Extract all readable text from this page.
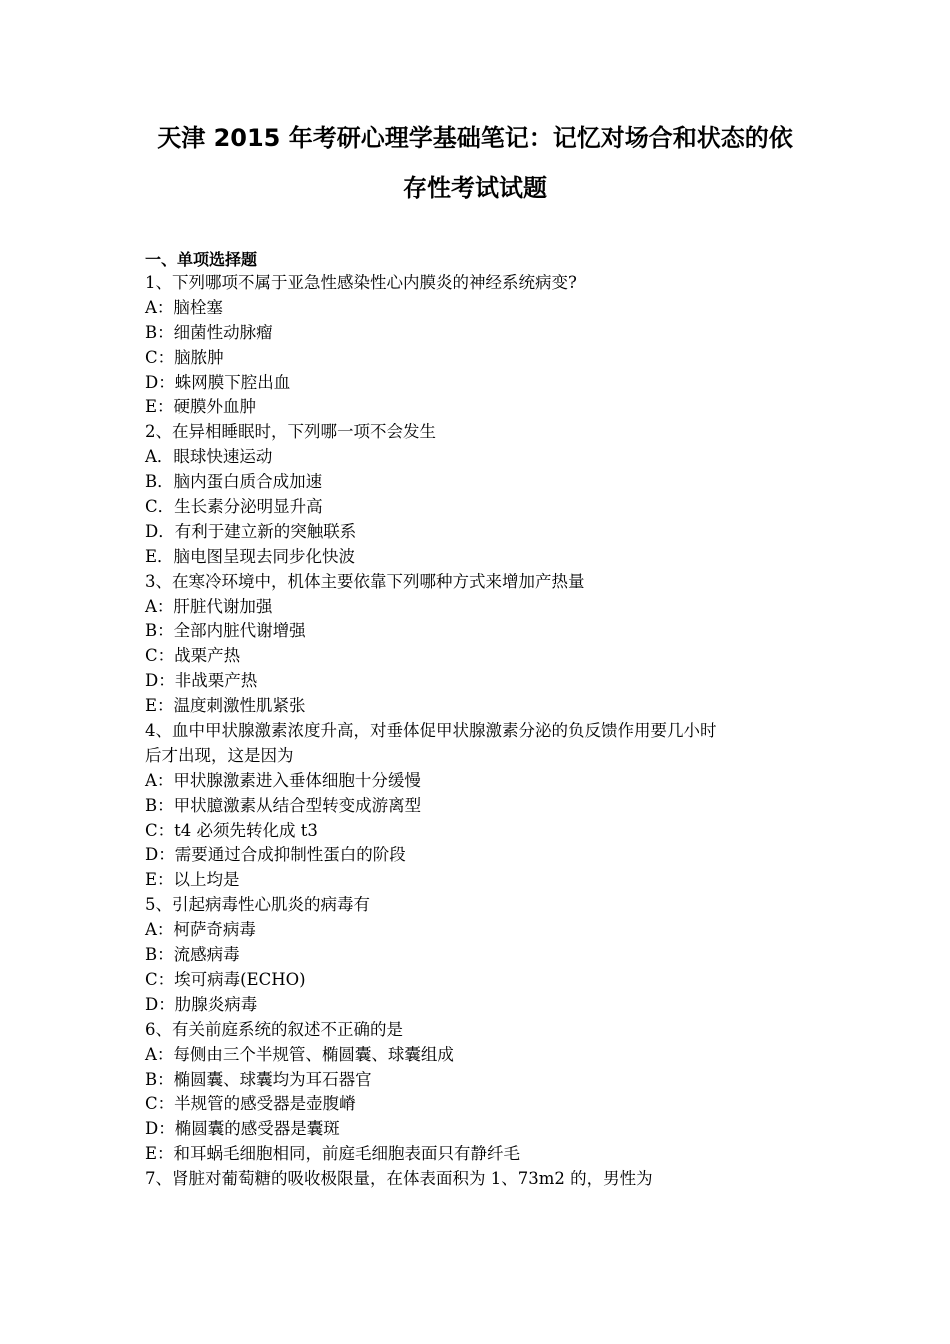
天津 2015 年考研心理学基础笔记：记忆对场合和状态的依
存性考试试题
一、单项选择题

1、下列哪项不属于亚急性感染性心内膜炎的神经系统病变?

A：脑栓塞

B：细菌性动脉瘤

C：脑脓肿

D：蛛网膜下腔出血

E：硬膜外血肿

2、在异相睡眠时，下列哪一项不会发生

A．眼球快速运动

B．脑内蛋白质合成加速

C．生长素分泌明显升高

D．有利于建立新的突触联系

E．脑电图呈现去同步化快波

3、在寒冷环境中，机体主要依靠下列哪种方式来增加产热量

A：肝脏代谢加强

B：全部内脏代谢增强

C：战栗产热

D：非战栗产热

E：温度刺激性肌紧张

4、血中甲状腺激素浓度升高，对垂体促甲状腺激素分泌的负反馈作用要几小时

后才出现，这是因为

A：甲状腺激素进入垂体细胞十分缓慢

B：甲状臆激素从结合型转变成游离型

C：t4 必须先转化成 t3

D：需要通过合成抑制性蛋白的阶段

E：以上均是

5、引起病毒性心肌炎的病毒有

A：柯萨奇病毒

B：流感病毒

C：埃可病毒(ECHO)

D：肋腺炎病毒

6、有关前庭系统的叙述不正确的是

A：每侧由三个半规管、椭圆囊、球囊组成

B：椭圆囊、球囊均为耳石器官

C：半规管的感受器是壶腹嵴

D：椭圆囊的感受器是囊斑

E：和耳蜗毛细胞相同，前庭毛细胞表面只有静纤毛

7、肾脏对葡萄糖的吸收极限量，在体表面积为 1、73m2 的，男性为
